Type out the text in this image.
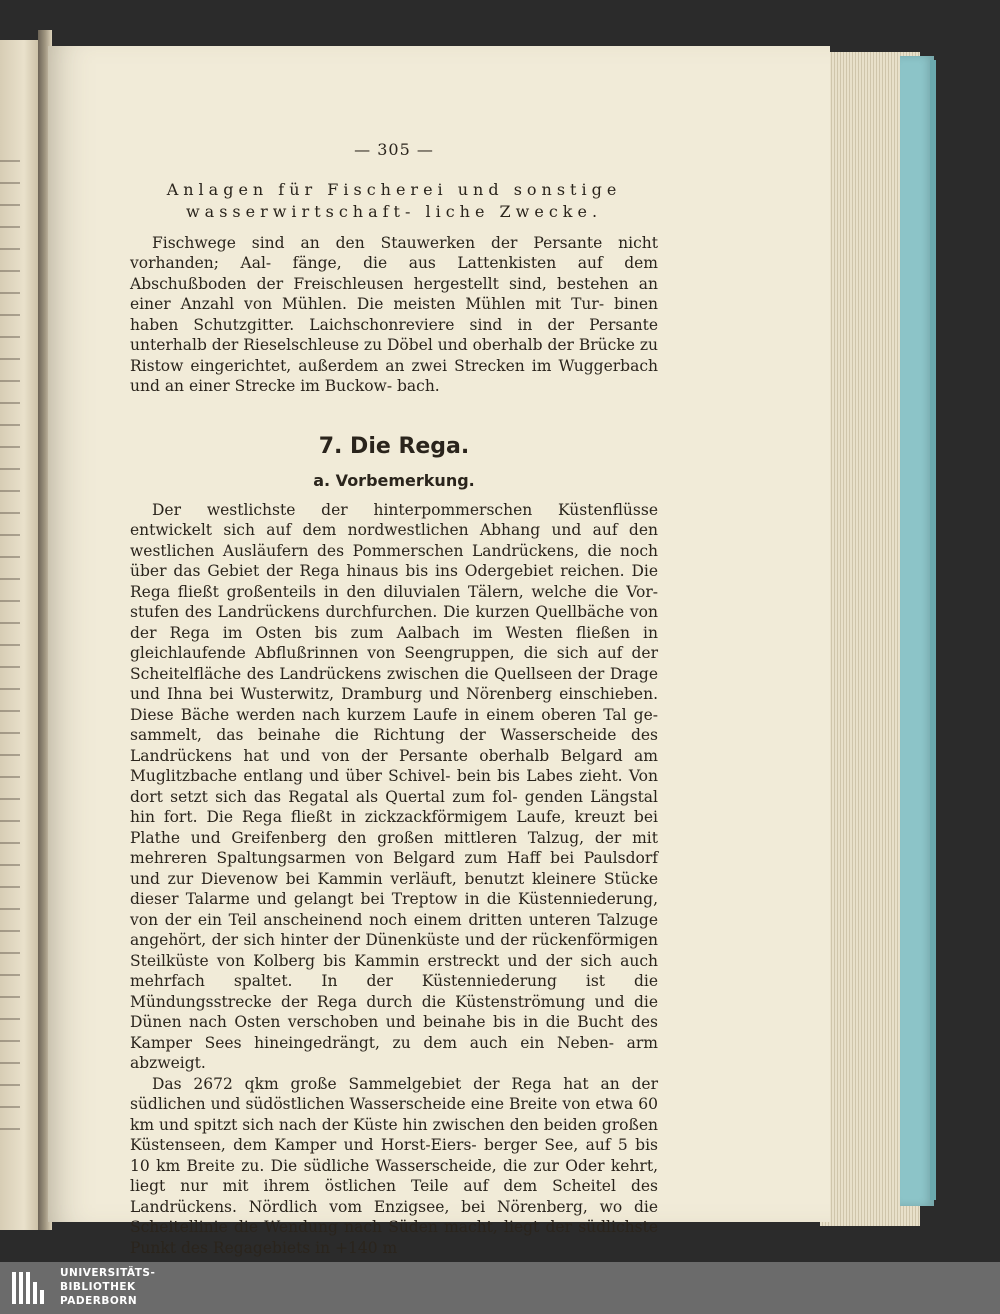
— 305 —
Anlagen für Fischerei und sonstige wasserwirtschaft- liche Zwecke.

Fischwege sind an den Stauwerken der Persante nicht vorhanden; Aal- fänge, die aus Lattenkisten auf dem Abschußboden der Freischleusen hergestellt sind, bestehen an einer Anzahl von Mühlen. Die meisten Mühlen mit Tur- binen haben Schutzgitter. Laichschonreviere sind in der Persante unterhalb der Rieselschleuse zu Döbel und oberhalb der Brücke zu Ristow eingerichtet, außerdem an zwei Strecken im Wuggerbach und an einer Strecke im Buckow- bach.

7. Die Rega.
a. Vorbemerkung.

Der westlichste der hinterpommerschen Küstenflüsse entwickelt sich auf dem nordwestlichen Abhang und auf den westlichen Ausläufern des Pommerschen Landrückens, die noch über das Gebiet der Rega hinaus bis ins Odergebiet reichen. Die Rega fließt großenteils in den diluvialen Tälern, welche die Vor- stufen des Landrückens durchfurchen. Die kurzen Quellbäche von der Rega im Osten bis zum Aalbach im Westen fließen in gleichlaufende Abflußrinnen von Seengruppen, die sich auf der Scheitelfläche des Landrückens zwischen die Quellseen der Drage und Ihna bei Wusterwitz, Dramburg und Nörenberg einschieben. Diese Bäche werden nach kurzem Laufe in einem oberen Tal ge- sammelt, das beinahe die Richtung der Wasserscheide des Landrückens hat und von der Persante oberhalb Belgard am Muglitzbache entlang und über Schivel- bein bis Labes zieht. Von dort setzt sich das Regatal als Quertal zum fol- genden Längstal hin fort. Die Rega fließt in zickzackförmigem Laufe, kreuzt bei Plathe und Greifenberg den großen mittleren Talzug, der mit mehreren Spaltungsarmen von Belgard zum Haff bei Paulsdorf und zur Dievenow bei Kammin verläuft, benutzt kleinere Stücke dieser Talarme und gelangt bei Treptow in die Küstenniederung, von der ein Teil anscheinend noch einem dritten unteren Talzuge angehört, der sich hinter der Dünenküste und der rückenförmigen Steilküste von Kolberg bis Kammin erstreckt und der sich auch mehrfach spaltet. In der Küstenniederung ist die Mündungsstrecke der Rega durch die Küstenströmung und die Dünen nach Osten verschoben und beinahe bis in die Bucht des Kamper Sees hineingedrängt, zu dem auch ein Neben- arm abzweigt.

Das 2672 qkm große Sammelgebiet der Rega hat an der südlichen und südöstlichen Wasserscheide eine Breite von etwa 60 km und spitzt sich nach der Küste hin zwischen den beiden großen Küstenseen, dem Kamper und Horst-Eiers- berger See, auf 5 bis 10 km Breite zu. Die südliche Wasserscheide, die zur Oder kehrt, liegt nur mit ihrem östlichen Teile auf dem Scheitel des Landrückens. Nördlich vom Enzigsee, bei Nörenberg, wo die Scheitellinie die Wendung nach Süden macht, liegt der südlichste Punkt des Regagebiets in +140 m

UNIVERSITÄTS-
BIBLIOTHEK
PADERBORN
